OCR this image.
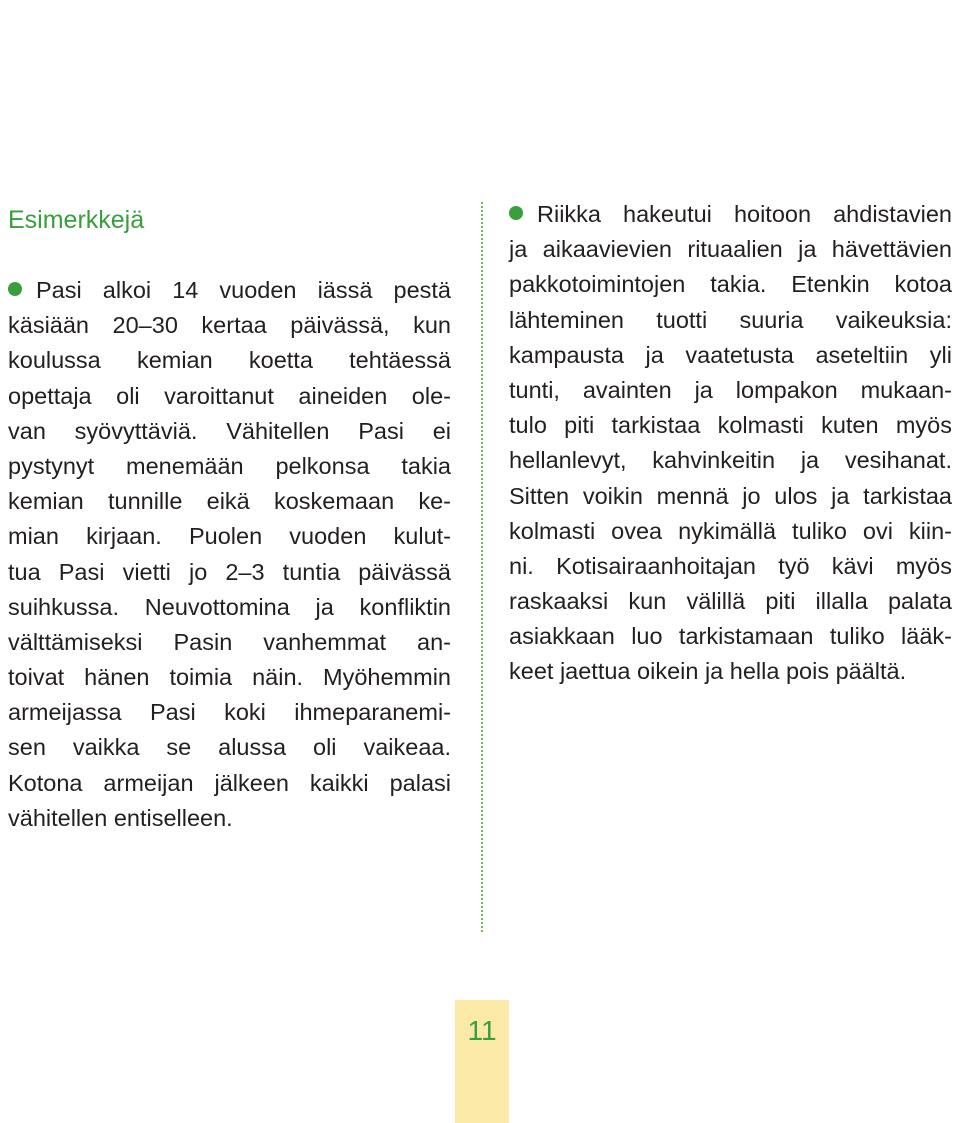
Esimerkkejä
Pasi alkoi 14 vuoden iässä pestä
käsiään 20–30 kertaa päivässä, kun
koulussa kemian koetta tehtäessä
opettaja oli varoittanut aineiden ole-
van syövyttäviä. Vähitellen Pasi ei
pystynyt menemään pelkonsa takia
kemian tunnille eikä koskemaan ke-
mian kirjaan. Puolen vuoden kulut-
tua Pasi vietti jo 2–3 tuntia päivässä
suihkussa. Neuvottomina ja konfliktin
välttämiseksi Pasin vanhemmat an-
toivat hänen toimia näin. Myöhemmin
armeijassa Pasi koki ihmeparanemi-
sen vaikka se alussa oli vaikeaa.
Kotona armeijan jälkeen kaikki palasi
vähitellen entiselleen.
Riikka hakeutui hoitoon ahdistavien
ja aikaavievien rituaalien ja hävettävien
pakkotoimintojen takia. Etenkin kotoa
lähteminen tuotti suuria vaikeuksia:
kampausta ja vaatetusta aseteltiin yli
tunti, avainten ja lompakon mukaan-
tulo piti tarkistaa kolmasti kuten myös
hellanlevyt, kahvinkeitin ja vesihanat.
Sitten voikin mennä jo ulos ja tarkistaa
kolmasti ovea nykimällä tuliko ovi kiin-
ni. Kotisairaanhoitajan työ kävi myös
raskaaksi kun välillä piti illalla palata
asiakkaan luo tarkistamaan tuliko lääk-
keet jaettua oikein ja hella pois päältä.
11
